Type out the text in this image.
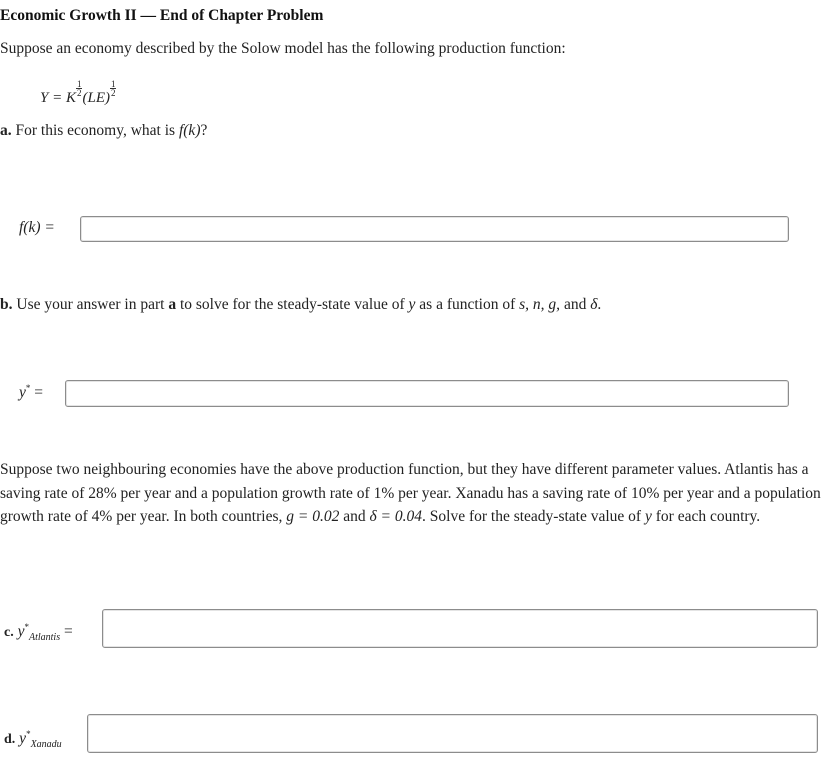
Economic Growth II — End of Chapter Problem
Suppose an economy described by the Solow model has the following production function:
Y = K
$\frac{1}{2}$
(LE)
$\frac{1}{2}$
a. For this economy, what is f(k)?
f(k) =
b. Use your answer in part a to solve for the steady-state value of y as a function of s, n, g, and δ.
y* =
Suppose two neighbouring economies have the above production function, but they have different parameter values. Atlantis has a saving rate of 28% per year and a population growth rate of 1% per year. Xanadu has a saving rate of 10% per year and a population growth rate of 4% per year. In both countries, g = 0.02 and δ = 0.04. Solve for the steady-state value of y for each country.
c. $y^*_{Atlantis}$ =
d. $y^*_{Xanadu}$
